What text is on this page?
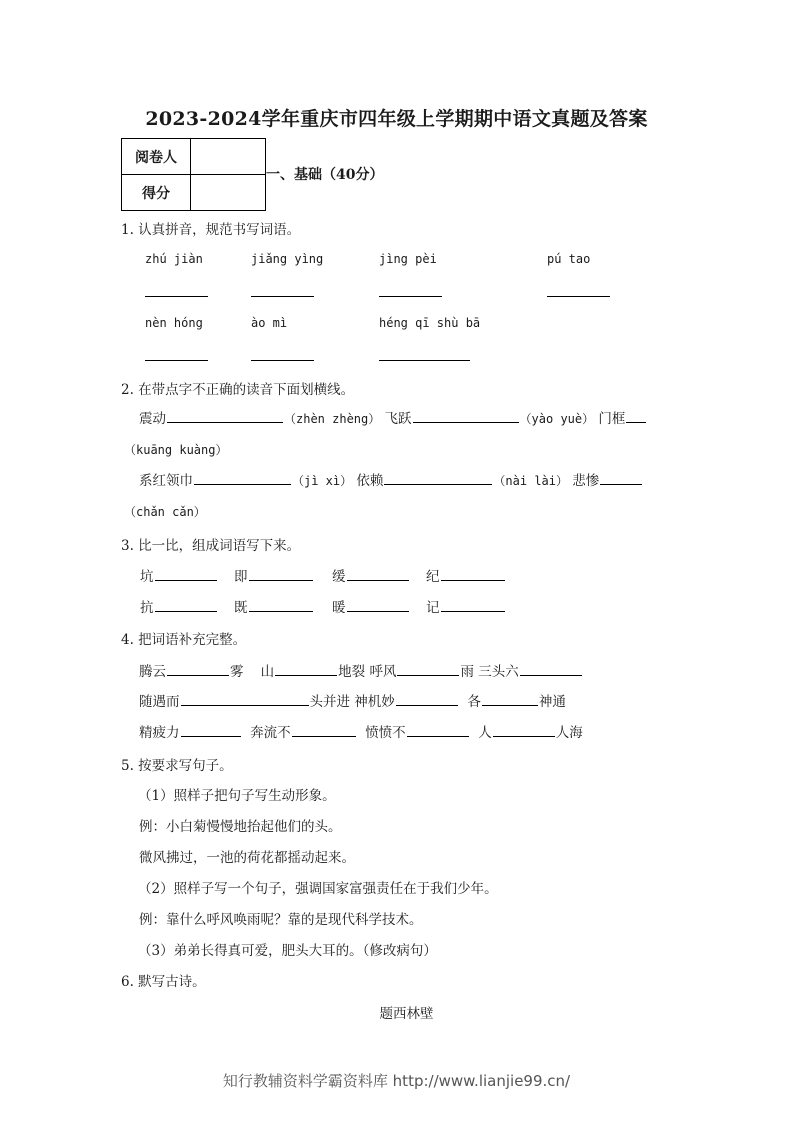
2023-2024学年重庆市四年级上学期期中语文真题及答案
阅卷人	
得分	
一、基础（40分）
1. 认真拼音，规范书写词语。
zhú jiàn	jiǎng yìng	jìng pèi	pú tao
nèn hóng	ào mì	héng qī shù bā
2. 在带点字不正确的读音下面划横线。
震动	（zhèn zhèng） 飞跃	（yào yuè） 门框
（kuāng kuàng）
系红领巾	（jì xì） 依赖	（nài lài） 悲惨
（chǎn cǎn）
3. 比一比，组成词语写下来。
坑	即	缓	纪
抗	既	暖	记
4. 把词语补充完整。
腾云	雾 山	地裂 呼风	雨 三头六
随遇而	头并进 神机妙	各	神通
精疲力	奔流不	愤愤不	人	人海
5. 按要求写句子。
（1）照样子把句子写生动形象。
例：小白菊慢慢地抬起他们的头。
微风拂过，一池的荷花都摇动起来。
（2）照样子写一个句子，强调国家富强责任在于我们少年。
例：靠什么呼风唤雨呢？靠的是现代科学技术。
（3）弟弟长得真可爱，肥头大耳的。（修改病句）
6. 默写古诗。
题西林壁
知行教辅资料学霸资料库 http://www.lianjie99.cn/
